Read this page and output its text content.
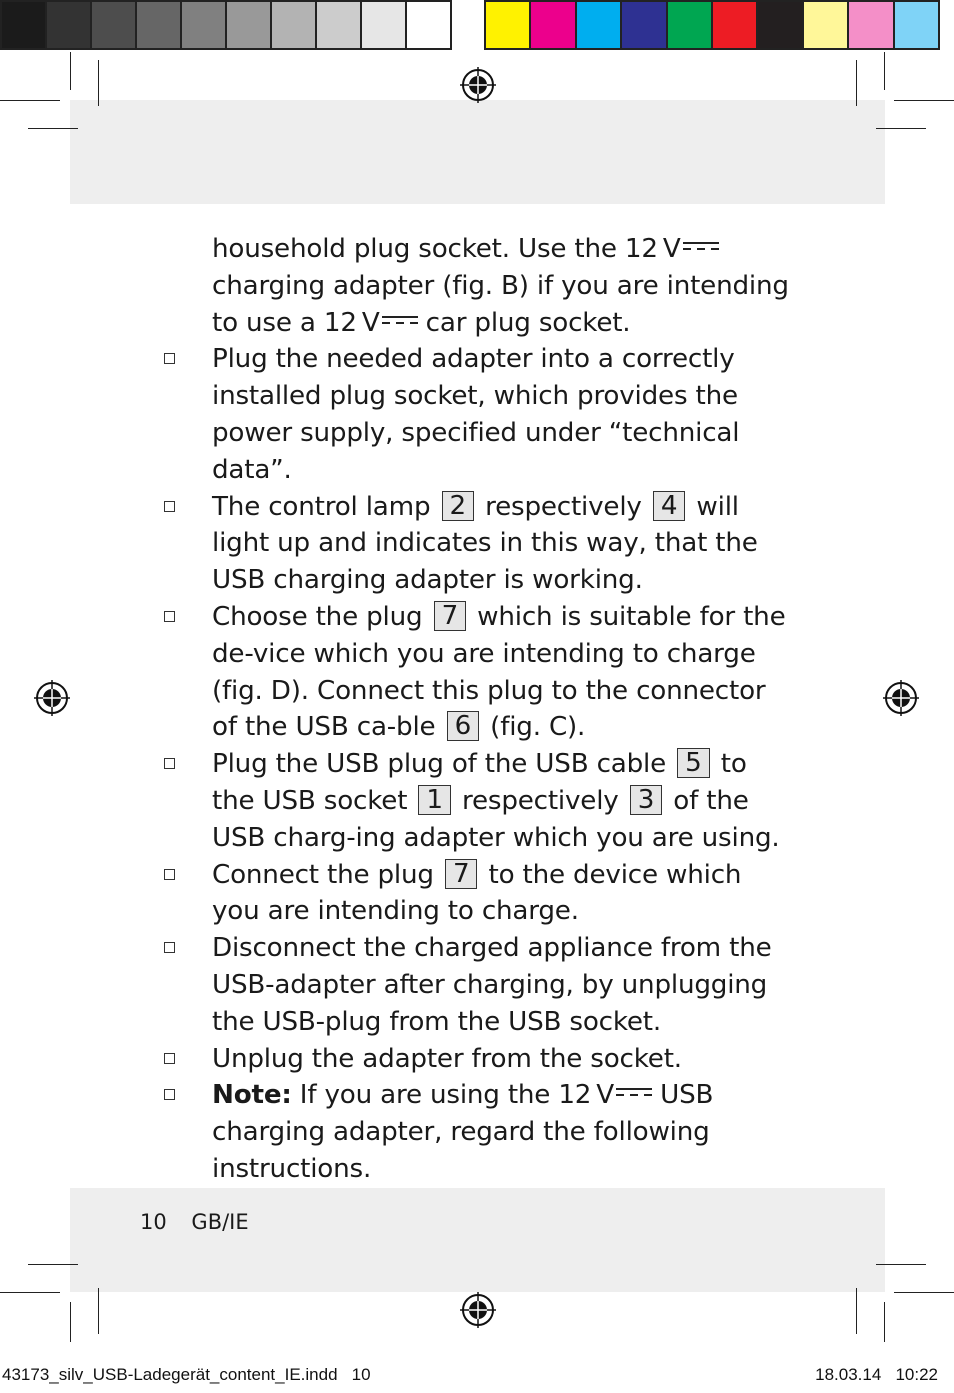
household plug socket. Use the 12 V charging adapter (fig. B) if you are intending to use a 12 V car plug socket.
Plug the needed adapter into a correctly installed plug socket, which provides the power supply, specified under “technical data”.
The control lamp 2 respectively 4 will light up and indicates in this way, that the USB charging adapter is working.
Choose the plug 7 which is suitable for the de-vice which you are intending to charge (fig. D). Connect this plug to the connector of the USB ca-ble 6 (fig. C).
Plug the USB plug of the USB cable 5 to the USB socket 1 respectively 3 of the USB charg-ing adapter which you are using.
Connect the plug 7 to the device which you are intending to charge.
Disconnect the charged appliance from the USB-adapter after charging, by unplugging the USB-plug from the USB socket.
Unplug the adapter from the socket.
Note: If you are using the 12 V USB charging adapter, regard the following instructions.
10 GB/IE
43173_silv_USB-Ladegerät_content_IE.indd   10	18.03.14   10:22
